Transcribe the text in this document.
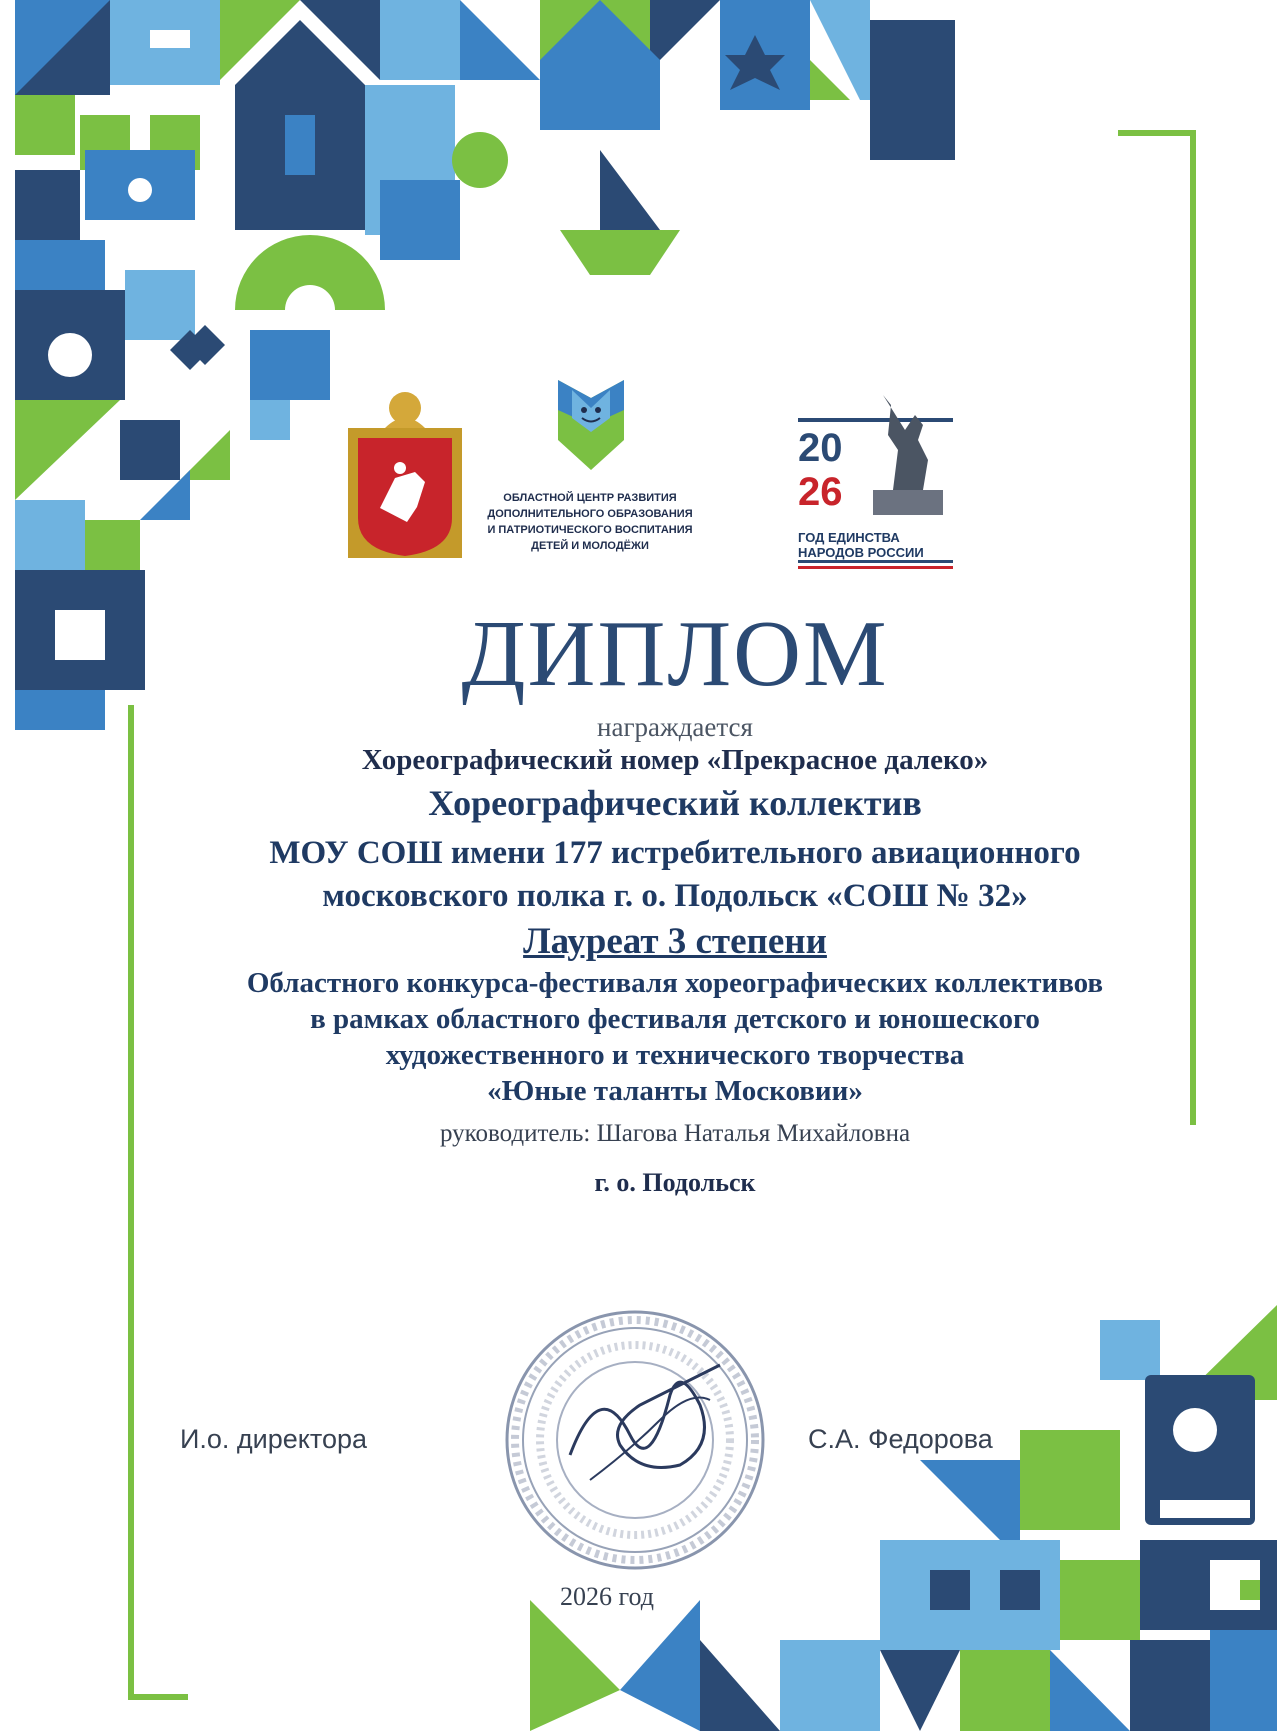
ОБЛАСТНОЙ ЦЕНТР РАЗВИТИЯ
ДОПОЛНИТЕЛЬНОГО ОБРАЗОВАНИЯ
И ПАТРИОТИЧЕСКОГО ВОСПИТАНИЯ
ДЕТЕЙ И МОЛОДЁЖИ
20
26
ГОД ЕДИНСТВА
НАРОДОВ РОССИИ
ДИПЛОМ
награждается
Хореографический номер «Прекрасное далеко»
Хореографический коллектив
МОУ СОШ имени 177 истребительного авиационного
московского полка г. о. Подольск «СОШ № 32»
Лауреат 3 степени
Областного конкурса-фестиваля хореографических коллективов
в рамках областного фестиваля детского и юношеского
художественного и технического творчества
«Юные таланты Московии»
руководитель: Шагова Наталья Михайловна
г. о. Подольск
И.о. директора	С.А. Федорова
2026 год
